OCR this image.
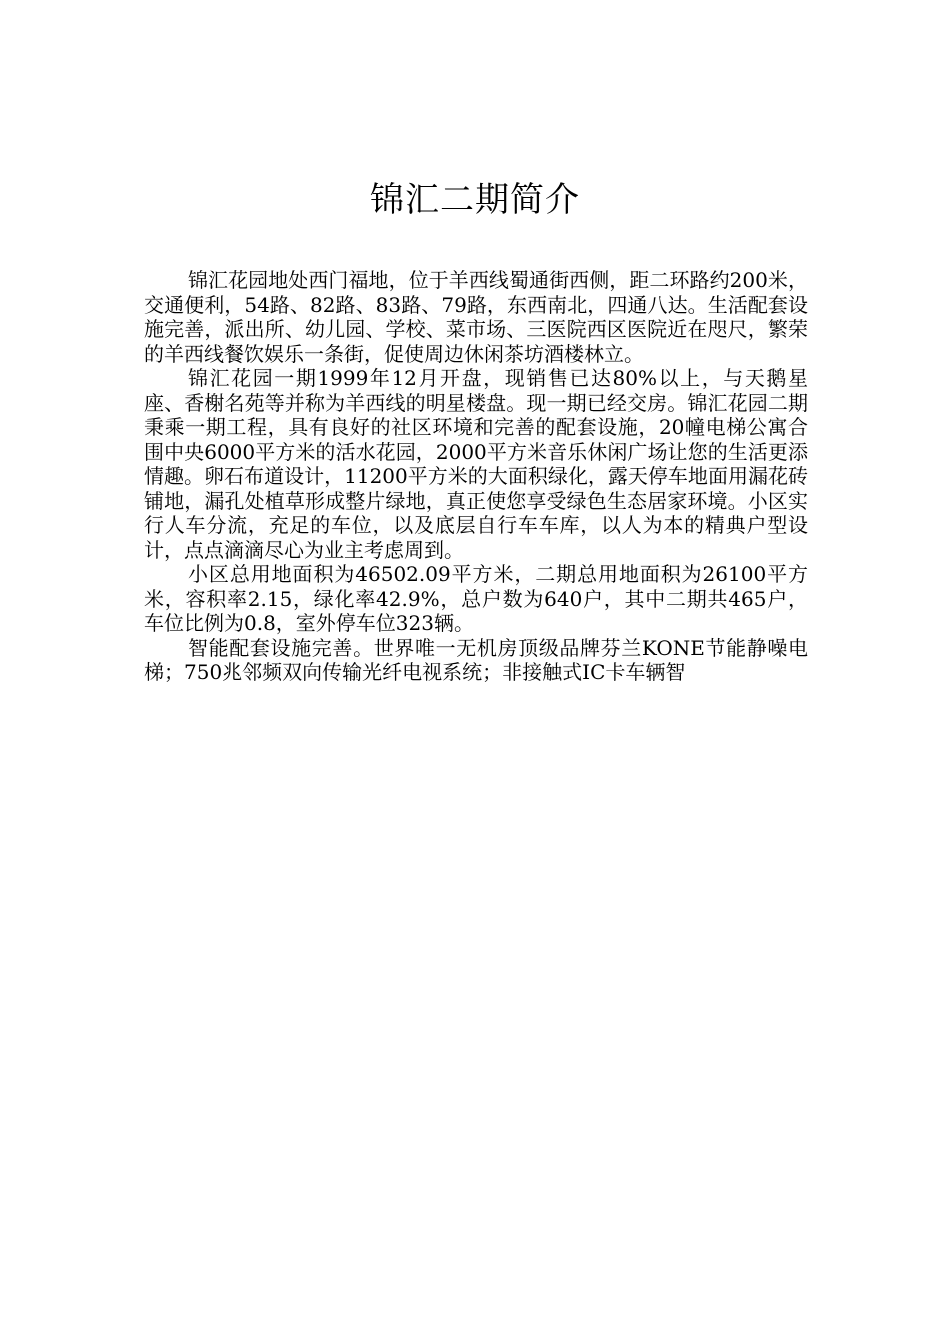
锦汇二期简介

锦汇花园地处西门福地，位于羊西线蜀通街西侧，距二环路约200米，交通便利，54路、82路、83路、79路，东西南北，四通八达。生活配套设施完善，派出所、幼儿园、学校、菜市场、三医院西区医院近在咫尺，繁荣的羊西线餐饮娱乐一条街，促使周边休闲茶坊酒楼林立。

锦汇花园一期1999年12月开盘，现销售已达80%以上，与天鹅星座、香榭名苑等并称为羊西线的明星楼盘。现一期已经交房。锦汇花园二期秉乘一期工程，具有良好的社区环境和完善的配套设施，20幢电梯公寓合围中央6000平方米的活水花园，2000平方米音乐休闲广场让您的生活更添情趣。卵石布道设计，11200平方米的大面积绿化，露天停车地面用漏花砖铺地，漏孔处植草形成整片绿地，真正使您享受绿色生态居家环境。小区实行人车分流，充足的车位，以及底层自行车车库，以人为本的精典户型设计，点点滴滴尽心为业主考虑周到。

小区总用地面积为46502.09平方米，二期总用地面积为26100平方米，容积率2.15，绿化率42.9%，总户数为640户，其中二期共465户，车位比例为0.8，室外停车位323辆。

智能配套设施完善。世界唯一无机房顶级品牌芬兰KONE节能静噪电梯；750兆邻频双向传输光纤电视系统；非接触式IC卡车辆智
